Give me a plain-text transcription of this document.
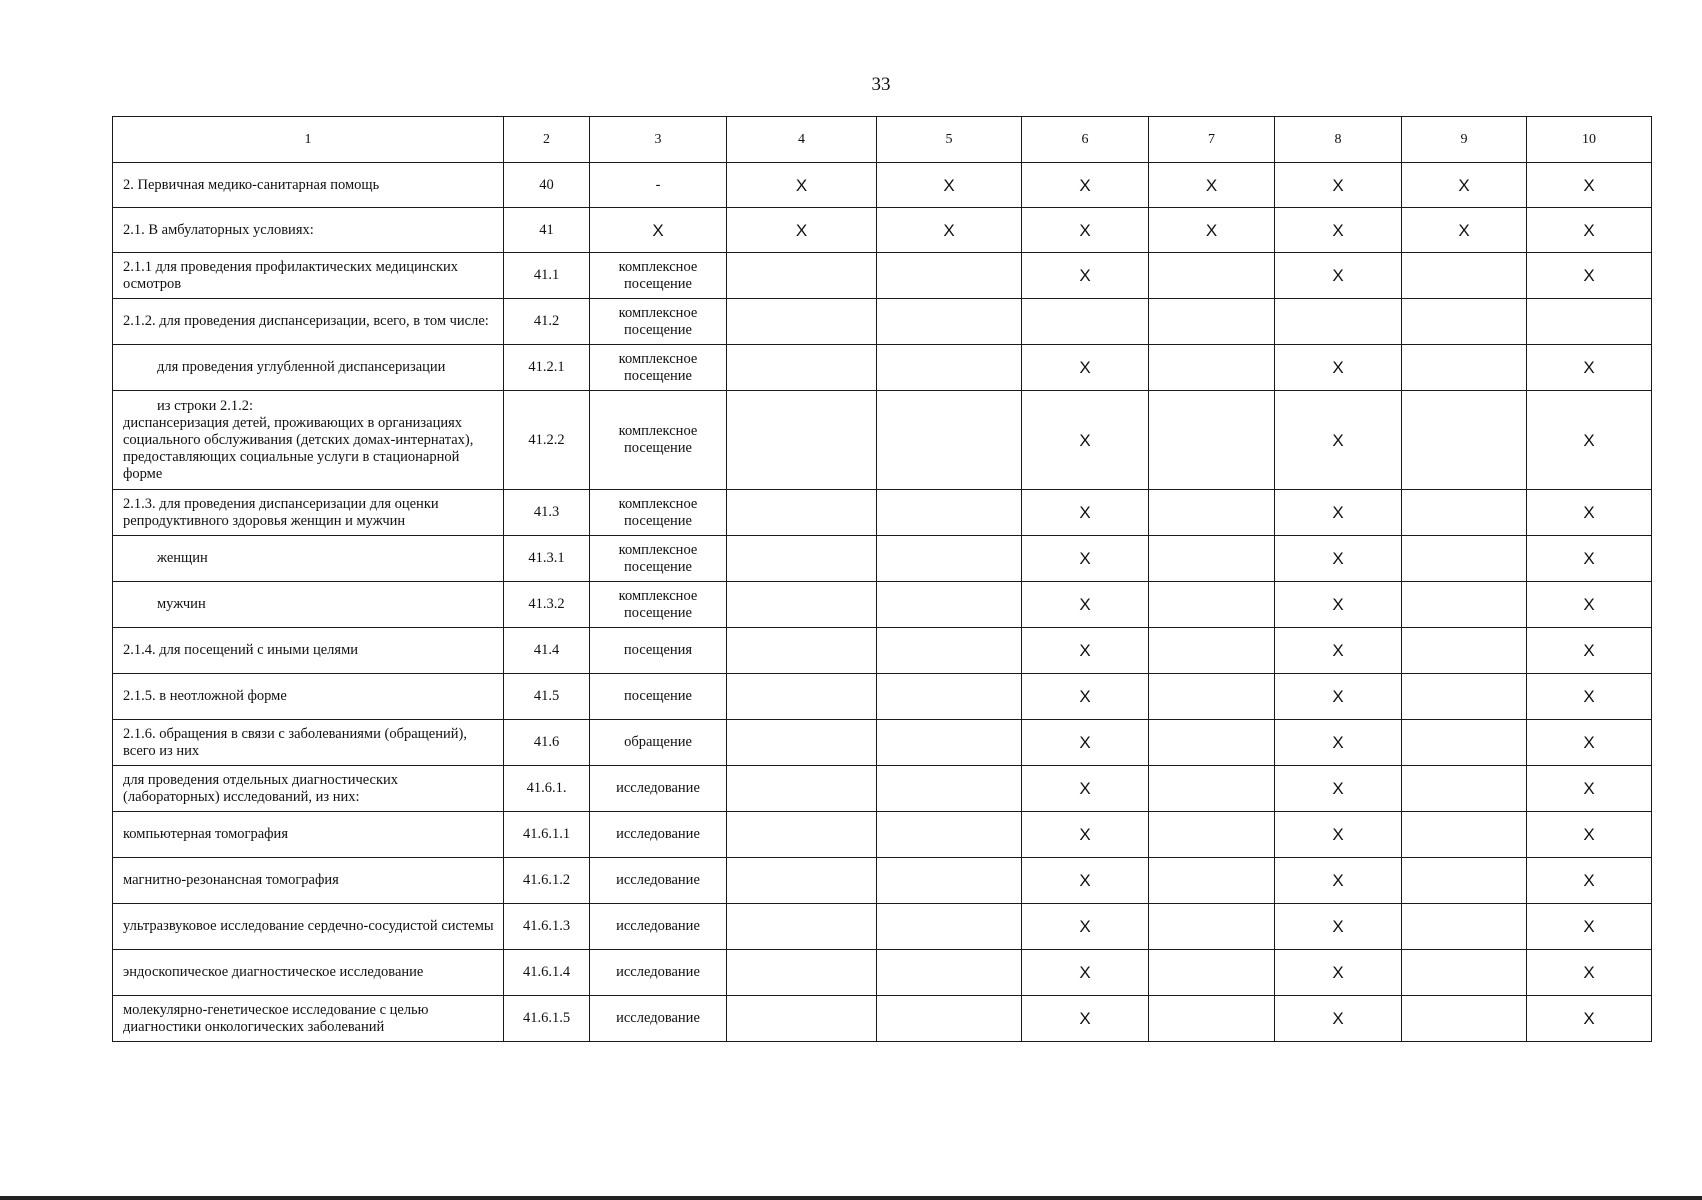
33
1	2	3	4	5	6	7	8	9	10
2. Первичная медико-санитарная помощь	40	-	X	X	X	X	X	X	X
2.1. В амбулаторных условиях:	41	X	X	X	X	X	X	X	X
2.1.1 для проведения профилактических медицинских осмотров	41.1	комплексное посещение			X		X		X
2.1.2. для проведения диспансеризации, всего, в том числе:	41.2	комплексное посещение							
для проведения углубленной диспансеризации	41.2.1	комплексное посещение			X		X		X

из строки 2.1.2:
диспансеризация детей, проживающих в организациях социального обслуживания (детских домах-интернатах), предоставляющих социальные услуги в стационарной форме	41.2.2	комплексное посещение			X		X		X
2.1.3. для проведения диспансеризации для оценки репродуктивного здоровья женщин и мужчин	41.3	комплексное посещение			X		X		X
женщин	41.3.1	комплексное посещение			X		X		X
мужчин	41.3.2	комплексное посещение			X		X		X
2.1.4. для посещений с иными целями	41.4	посещения			X		X		X
2.1.5. в неотложной форме	41.5	посещение			X		X		X
2.1.6. обращения в связи с заболеваниями (обращений), всего из них	41.6	обращение			X		X		X
для проведения отдельных диагностических (лабораторных) исследований, из них:	41.6.1.	исследование			X		X		X
компьютерная томография	41.6.1.1	исследование			X		X		X
магнитно-резонансная томография	41.6.1.2	исследование			X		X		X
ультразвуковое исследование сердечно-сосудистой системы	41.6.1.3	исследование			X		X		X
эндоскопическое диагностическое исследование	41.6.1.4	исследование			X		X		X
молекулярно-генетическое исследование с целью диагностики онкологических заболеваний	41.6.1.5	исследование			X		X		X
